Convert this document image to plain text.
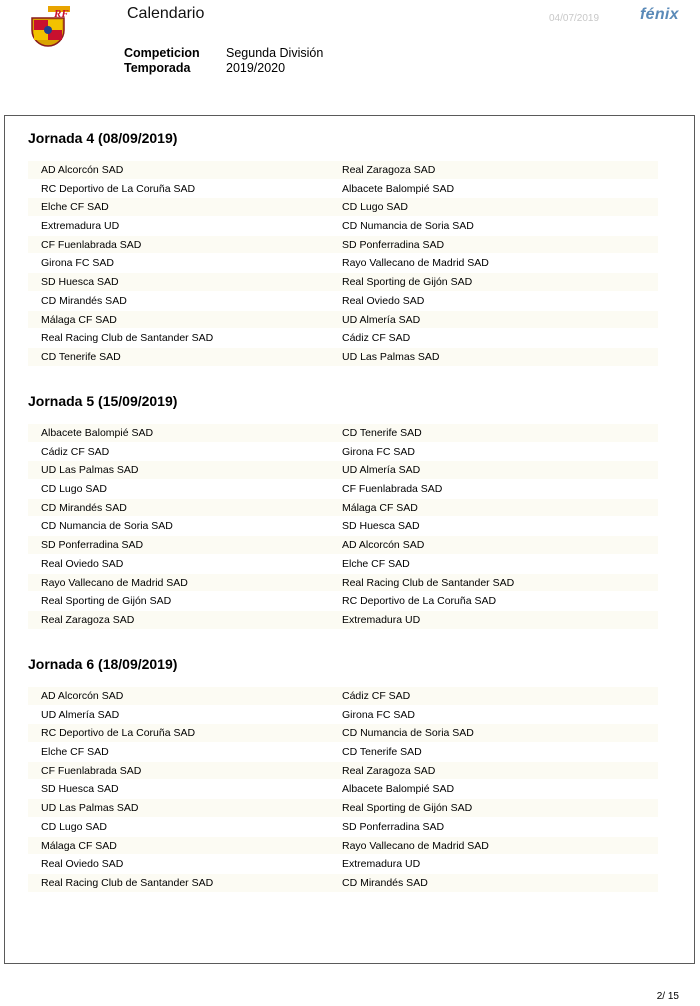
RF	Calendario	04/07/2019	fénix
Competicion	Segunda División
Temporada	2019/2020
Jornada 4 (08/09/2019)
AD Alcorcón SAD	Real Zaragoza SAD
RC Deportivo de La Coruña SAD	Albacete Balompié SAD
Elche CF SAD	CD Lugo SAD
Extremadura UD	CD Numancia de Soria SAD
CF Fuenlabrada SAD	SD Ponferradina SAD
Girona FC SAD	Rayo Vallecano de Madrid SAD
SD Huesca SAD	Real Sporting de Gijón SAD
CD Mirandés SAD	Real Oviedo SAD
Málaga CF SAD	UD Almería SAD
Real Racing Club de Santander SAD	Cádiz CF SAD
CD Tenerife SAD	UD Las Palmas SAD
Jornada 5 (15/09/2019)
Albacete Balompié SAD	CD Tenerife SAD
Cádiz CF SAD	Girona FC SAD
UD Las Palmas SAD	UD Almería SAD
CD Lugo SAD	CF Fuenlabrada SAD
CD Mirandés SAD	Málaga CF SAD
CD Numancia de Soria SAD	SD Huesca SAD
SD Ponferradina SAD	AD Alcorcón SAD
Real Oviedo SAD	Elche CF SAD
Rayo Vallecano de Madrid SAD	Real Racing Club de Santander SAD
Real Sporting de Gijón SAD	RC Deportivo de La Coruña SAD
Real Zaragoza SAD	Extremadura UD
Jornada 6 (18/09/2019)
AD Alcorcón SAD	Cádiz CF SAD
UD Almería SAD	Girona FC SAD
RC Deportivo de La Coruña SAD	CD Numancia de Soria SAD
Elche CF SAD	CD Tenerife SAD
CF Fuenlabrada SAD	Real Zaragoza SAD
SD Huesca SAD	Albacete Balompié SAD
UD Las Palmas SAD	Real Sporting de Gijón SAD
CD Lugo SAD	SD Ponferradina SAD
Málaga CF SAD	Rayo Vallecano de Madrid SAD
Real Oviedo SAD	Extremadura UD
Real Racing Club de Santander SAD	CD Mirandés SAD
2/ 15
